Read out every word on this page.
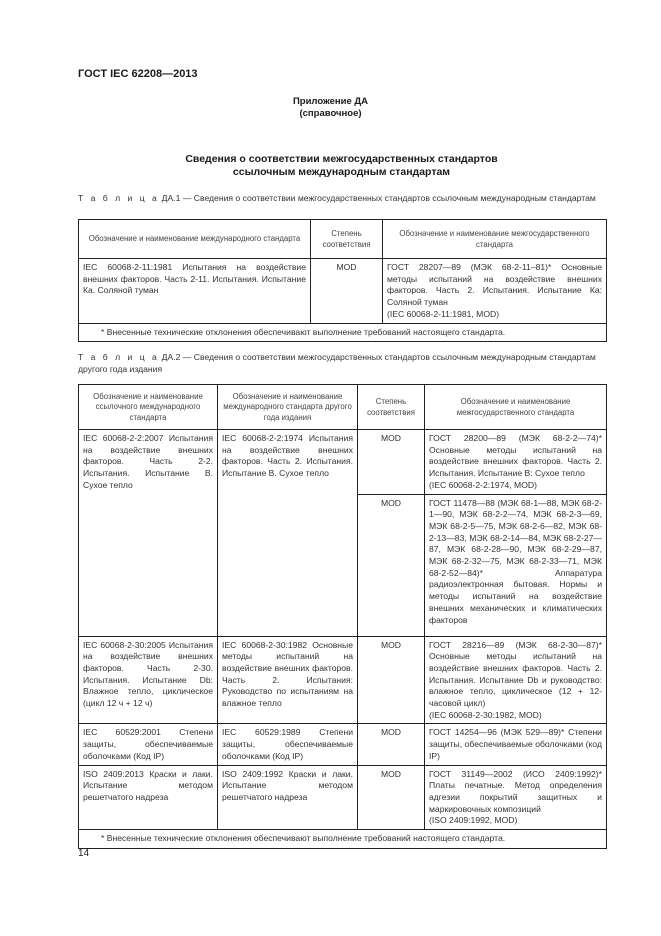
ГОСТ IEC 62208—2013
Приложение ДА
(справочное)
Сведения о соответствии межгосударственных стандартов
ссылочным международным стандартам
Т а б л и ц а ДА.1 — Сведения о соответствии межгосударственных стандартов ссылочным международным стандартам
Обозначение и наименование международного стандарта	Степень соответствия	Обозначение и наименование межгосударственного стандарта
IEC 60068-2-11:1981 Испытания на воздействие внешних факторов. Часть 2-11. Испытания. Испытание Ка. Соляной туман	MOD	ГОСТ 28207—89 (МЭК 68-2-11–81)* Основные методы испытаний на воздействие внешних факторов. Часть 2. Испытания. Испытание Ка: Соляной туман
(IEC 60068-2-11:1981, MOD)
* Внесенные технические отклонения обеспечивают выполнение требований настоящего стандарта.		
Т а б л и ц а ДА.2 — Сведения о соответствии межгосударственных стандартов ссылочным международным стандартам другого года издания
Обозначение и наименование ссылочного международного стандарта	Обозначение и наименование международного стандарта другого года издания	Степень соответствия	Обозначение и наименование межгосударственного стандарта
IEC 60068-2-2:2007 Испытания на воздействие внешних факторов. Часть 2-2. Испытания. Испытание В. Сухое тепло	IEC 60068-2-2:1974 Испытания на воздействие внешних факторов. Часть 2. Испытания. Испытание В. Сухое тепло	MOD	ГОСТ 28200—89 (МЭК 68-2-2—74)* Основные методы испытаний на воздействие внешних факторов. Часть 2. Испытания. Испытание В: Сухое тепло
(IEC 60068-2-2:1974, MOD)
		MOD	ГОСТ 11478—88 (МЭК 68-1—88, МЭК 68-2-1—90, МЭК 68-2-2—74, МЭК 68-2-3—69, МЭК 68-2-5—75, МЭК 68-2-6—82, МЭК 68-2-13—83, МЭК 68-2-14—84, МЭК 68-2-27—87, МЭК 68-2-28—90, МЭК 68-2-29—87, МЭК 68-2-32—75, МЭК 68-2-33—71, МЭК 68-2-52—84)* Аппаратура радиоэлектронная бытовая. Нормы и методы испытаний на воздействие внешних механических и климатических факторов
IEC 60068-2-30:2005 Испытания на воздействие внешних факторов. Часть 2-30. Испытания. Испытание Db: Влажное тепло, циклическое (цикл 12 ч + 12 ч)	IEC 60068-2-30:1982 Основные методы испытаний на воздействие внешних факторов. Часть 2. Испытания: Руководство по испытаниям на влажное тепло	MOD	ГОСТ 28216—89 (МЭК 68-2-30—87)* Основные методы испытаний на воздействие внешних факторов. Часть 2. Испытания. Испытание Db и руководство: влажное тепло, циклическое (12 + 12-часовой цикл)
(IEC 60068-2-30:1982, MOD)
IEC 60529:2001 Степени защиты, обеспечиваемые оболочками (Код IP)	IEC 60529:1989 Степени защиты, обеспечиваемые оболочками (Код IP)	MOD	ГОСТ 14254—96 (МЭК 529—89)* Степени защиты, обеспечиваемые оболочками (код IP)
ISO 2409:2013 Краски и лаки. Испытание методом решетчатого надреза	ISO 2409:1992 Краски и лаки. Испытание методом решетчатого надреза	MOD	ГОСТ 31149—2002 (ИСО 2409:1992)* Платы печатные. Метод определения адгезии покрытий защитных и маркировочных композиций
(ISO 2409:1992, MOD)
* Внесенные технические отклонения обеспечивают выполнение требований настоящего стандарта.			
14
